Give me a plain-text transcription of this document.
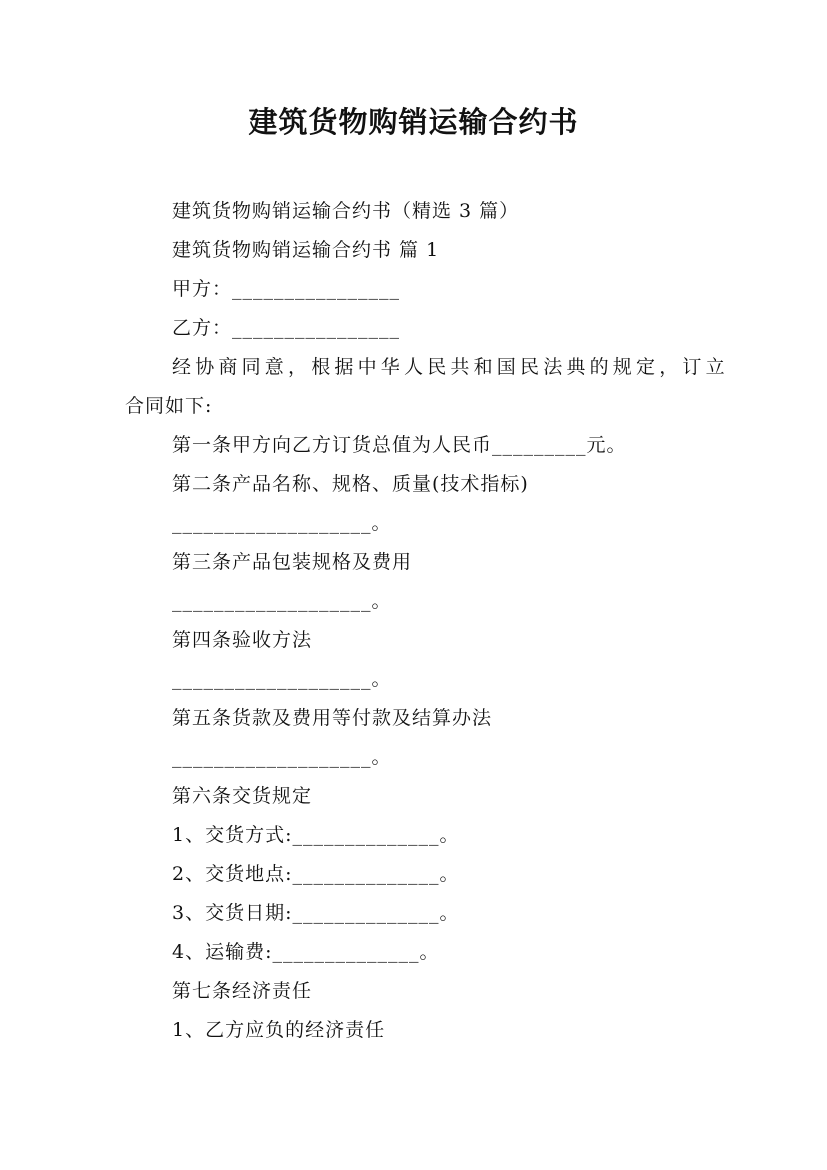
建筑货物购销运输合约书
建筑货物购销运输合约书（精选 3 篇）
建筑货物购销运输合约书 篇 1
甲方：________________
乙方：________________
经协商同意，根据中华人民共和国民法典的规定，订立
合同如下:
第一条甲方向乙方订货总值为人民币_________元。
第二条产品名称、规格、质量(技术指标)
___________________。
第三条产品包装规格及费用
___________________。
第四条验收方法
___________________。
第五条货款及费用等付款及结算办法
___________________。
第六条交货规定
1、交货方式:______________。
2、交货地点:______________。
3、交货日期:______________。
4、运输费:______________。
第七条经济责任
1、乙方应负的经济责任
